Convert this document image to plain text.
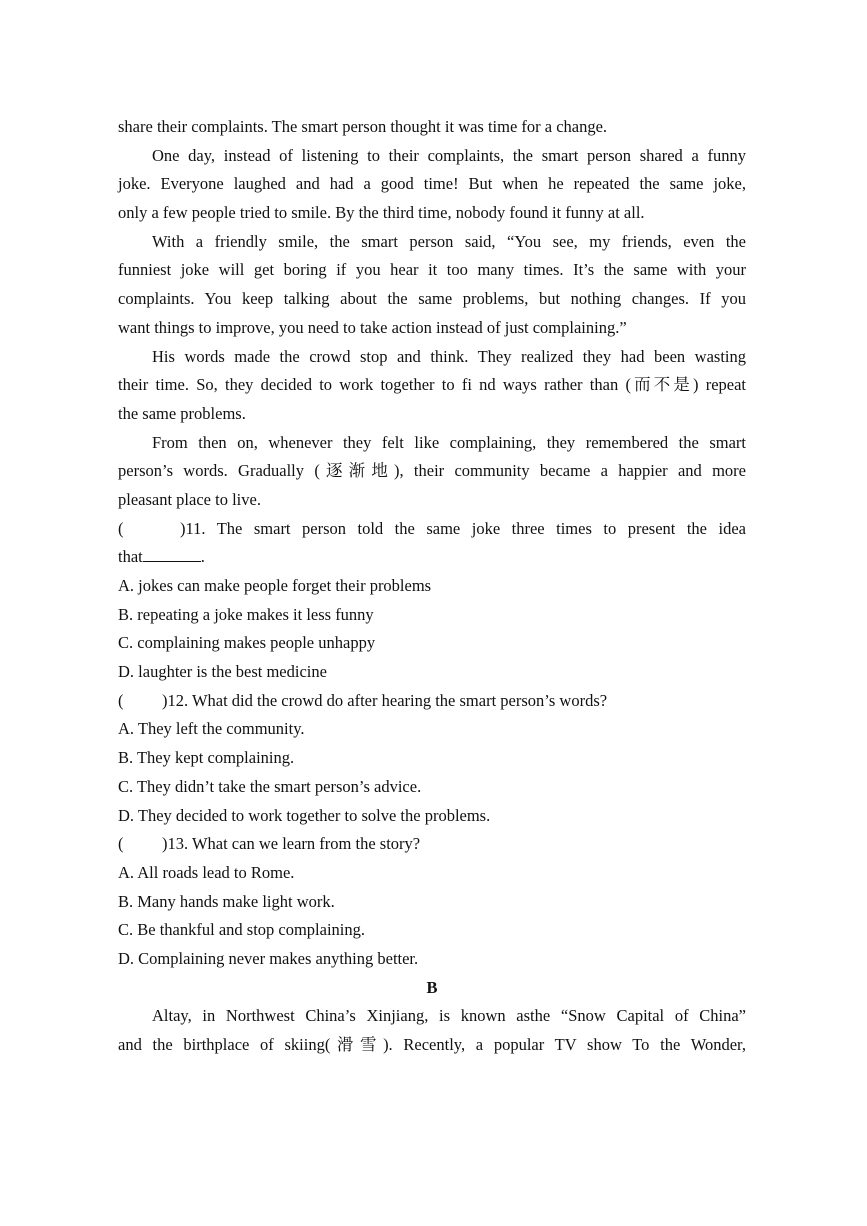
share their complaints. The smart person thought it was time for a change.
One day, instead of listening to their complaints, the smart person shared a funny
joke. Everyone laughed and had a good time! But when he repeated the same joke,
only a few people tried to smile. By the third time, nobody found it funny at all.
With a friendly smile, the smart person said, “You see, my friends, even the
funniest joke will get boring if you hear it too many times. It’s the same with your
complaints. You keep talking about the same problems, but nothing changes. If you
want things to improve, you need to take action instead of just complaining.”
His words made the crowd stop and think. They realized they had been wasting
their time. So, they decided to work together to fi nd ways rather than (而不是) repeat
the same problems.
From then on, whenever they felt like complaining, they remembered the smart
person’s words. Gradually (逐渐地), their community became a happier and more
pleasant place to live.
(	)11. The smart person told the same joke three times to present the idea
that	.
A. jokes can make people forget their problems
B. repeating a joke makes it less funny
C. complaining makes people unhappy
D. laughter is the best medicine
(	)12. What did the crowd do after hearing the smart person’s words?
A. They left the community.
B. They kept complaining.
C. They didn’t take the smart person’s advice.
D. They decided to work together to solve the problems.
(	)13. What can we learn from the story?
A. All roads lead to Rome.
B. Many hands make light work.
C. Be thankful and stop complaining.
D. Complaining never makes anything better.
B
Altay, in Northwest China’s Xinjiang, is known asthe “Snow Capital of China”
and the birthplace of skiing(滑雪). Recently, a popular TV show To the Wonder,
